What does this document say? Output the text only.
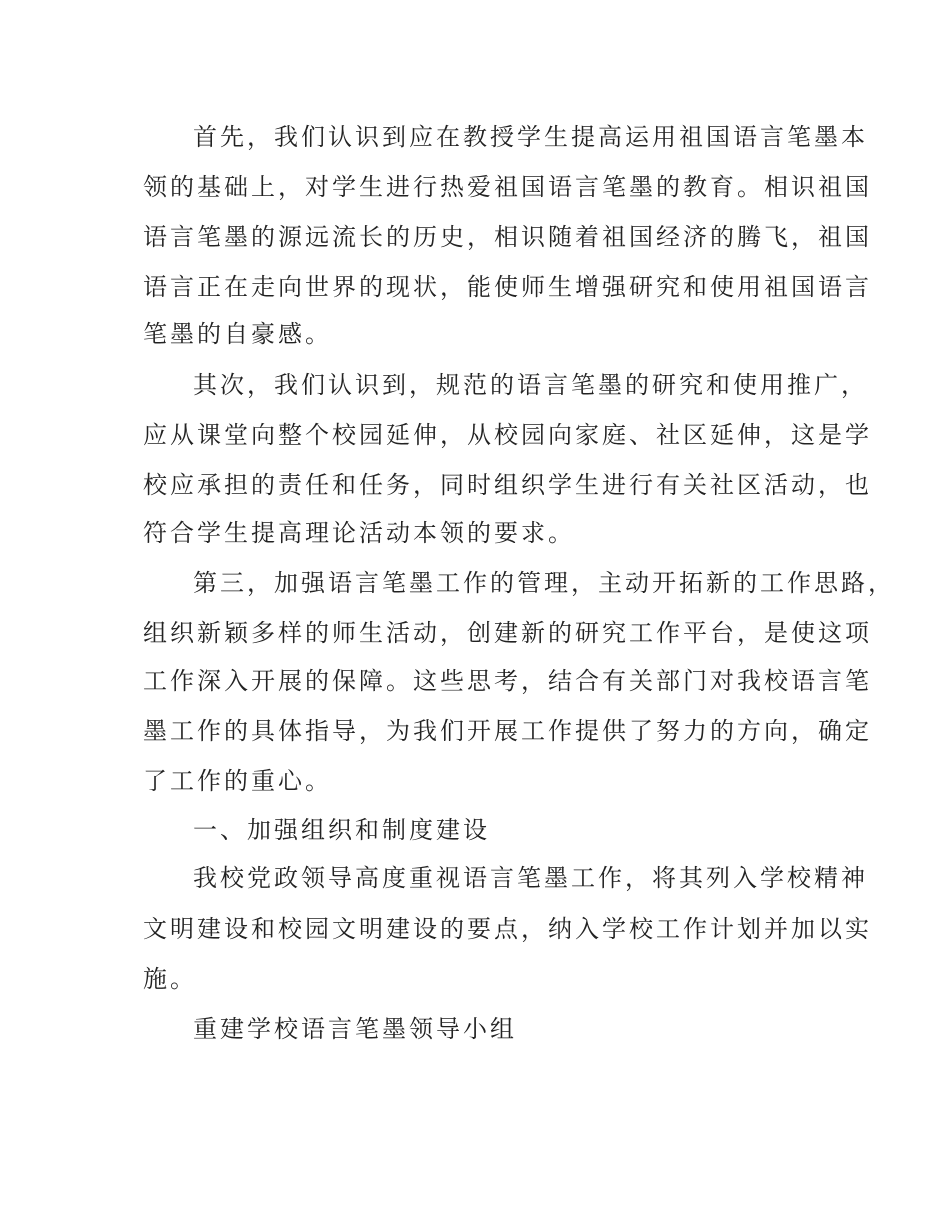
首先，我们认识到应在教授学生提高运用祖国语言笔墨本
领的基础上，对学生进行热爱祖国语言笔墨的教育。相识祖国
语言笔墨的源远流长的历史，相识随着祖国经济的腾飞，祖国
语言正在走向世界的现状，能使师生增强研究和使用祖国语言
笔墨的自豪感。
其次，我们认识到，规范的语言笔墨的研究和使用推广，
应从课堂向整个校园延伸，从校园向家庭、社区延伸，这是学
校应承担的责任和任务，同时组织学生进行有关社区活动，也
符合学生提高理论活动本领的要求。
第三，加强语言笔墨工作的管理，主动开拓新的工作思路，
组织新颖多样的师生活动，创建新的研究工作平台，是使这项
工作深入开展的保障。这些思考，结合有关部门对我校语言笔
墨工作的具体指导，为我们开展工作提供了努力的方向，确定
了工作的重心。
一、加强组织和制度建设
我校党政领导高度重视语言笔墨工作，将其列入学校精神
文明建设和校园文明建设的要点，纳入学校工作计划并加以实
施。
重建学校语言笔墨领导小组
